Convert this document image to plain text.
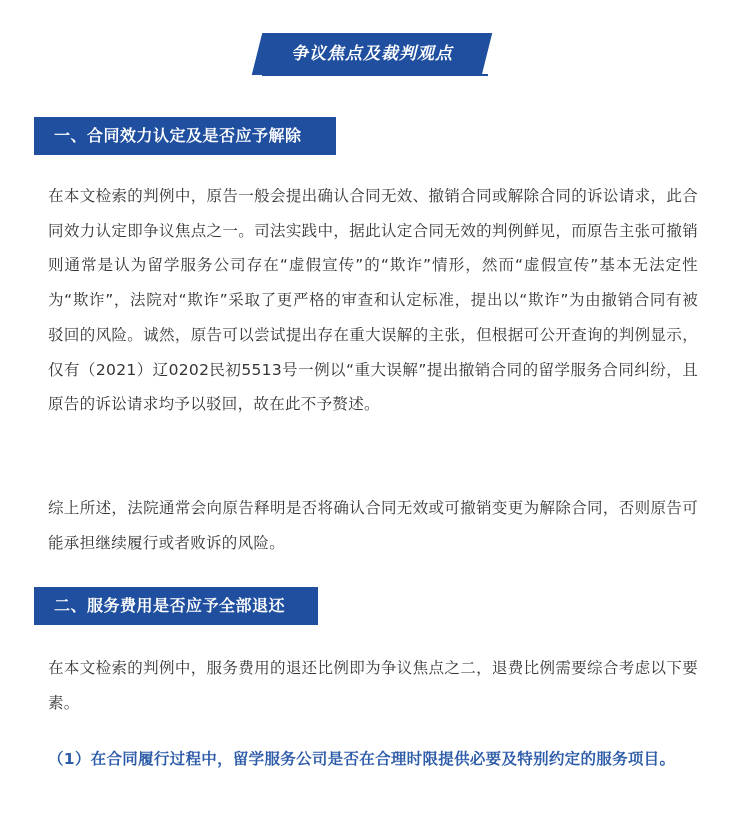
争议焦点及裁判观点
一、合同效力认定及是否应予解除

在本文检索的判例中，原告一般会提出确认合同无效、撤销合同或解除合同的诉讼请求，此合同效力认定即争议焦点之一。司法实践中，据此认定合同无效的判例鲜见，而原告主张可撤销则通常是认为留学服务公司存在“虚假宣传”的“欺诈”情形，然而“虚假宣传”基本无法定性为“欺诈”，法院对“欺诈”采取了更严格的审查和认定标准，提出以“欺诈”为由撤销合同有被驳回的风险。诚然，原告可以尝试提出存在重大误解的主张，但根据可公开查询的判例显示，仅有（2021）辽0202民初5513号一例以“重大误解”提出撤销合同的留学服务合同纠纷，且原告的诉讼请求均予以驳回，故在此不予赘述。

综上所述，法院通常会向原告释明是否将确认合同无效或可撤销变更为解除合同，否则原告可能承担继续履行或者败诉的风险。

二、服务费用是否应予全部退还

在本文检索的判例中，服务费用的退还比例即为争议焦点之二，退费比例需要综合考虑以下要素。

（1）在合同履行过程中，留学服务公司是否在合理时限提供必要及特别约定的服务项目。
